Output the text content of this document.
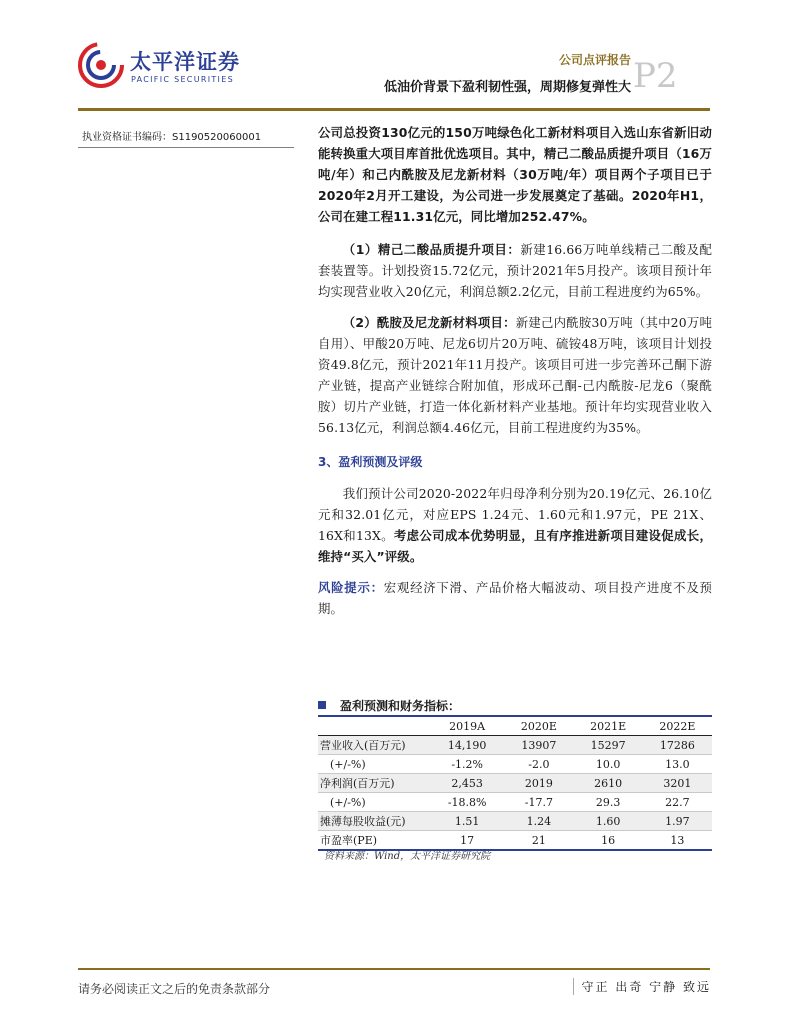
太平洋证券
PACIFIC SECURITIES
公司点评报告
低油价背景下盈利韧性强，周期修复弹性大 P2
执业资格证书编码：S1190520060001	公司总投资130亿元的150万吨绿色化工新材料项目入选山东省新旧动能转换重大项目库首批优选项目。其中，精己二酸品质提升项目（16万吨/年）和己内酰胺及尼龙新材料（30万吨/年）项目两个子项目已于2020年2月开工建设，为公司进一步发展奠定了基础。2020年H1，公司在建工程11.31亿元，同比增加252.47%。

（1）精己二酸品质提升项目：新建16.66万吨单线精己二酸及配套装置等。计划投资15.72亿元，预计2021年5月投产。该项目预计年均实现营业收入20亿元，利润总额2.2亿元，目前工程进度约为65%。

（2）酰胺及尼龙新材料项目：新建己内酰胺30万吨（其中20万吨自用）、甲酸20万吨、尼龙6切片20万吨、硫铵48万吨，该项目计划投资49.8亿元，预计2021年11月投产。该项目可进一步完善环己酮下游产业链，提高产业链综合附加值，形成环己酮-己内酰胺-尼龙6（聚酰胺）切片产业链，打造一体化新材料产业基地。预计年均实现营业收入56.13亿元，利润总额4.46亿元，目前工程进度约为35%。

3、盈利预测及评级

我们预计公司2020-2022年归母净利分别为20.19亿元、26.10亿元和32.01亿元，对应EPS 1.24元、1.60元和1.97元，PE 21X、16X和13X。考虑公司成本优势明显，且有序推进新项目建设促成长，维持“买入”评级。

风险提示：宏观经济下滑、产品价格大幅波动、项目投产进度不及预期。

盈利预测和财务指标：
	2019A	2020E	2021E	2022E
营业收入(百万元)	14,190	13907	15297	17286
(+/-%)	-1.2%	-2.0	10.0	13.0
净利润(百万元)	2,453	2019	2610	3201
(+/-%)	-18.8%	-17.7	29.3	22.7
摊薄每股收益(元)	1.51	1.24	1.60	1.97
市盈率(PE)	17	21	16	13
资料来源：Wind，太平洋证券研究院
请务必阅读正文之后的免责条款部分	守正 出奇 宁静 致远
